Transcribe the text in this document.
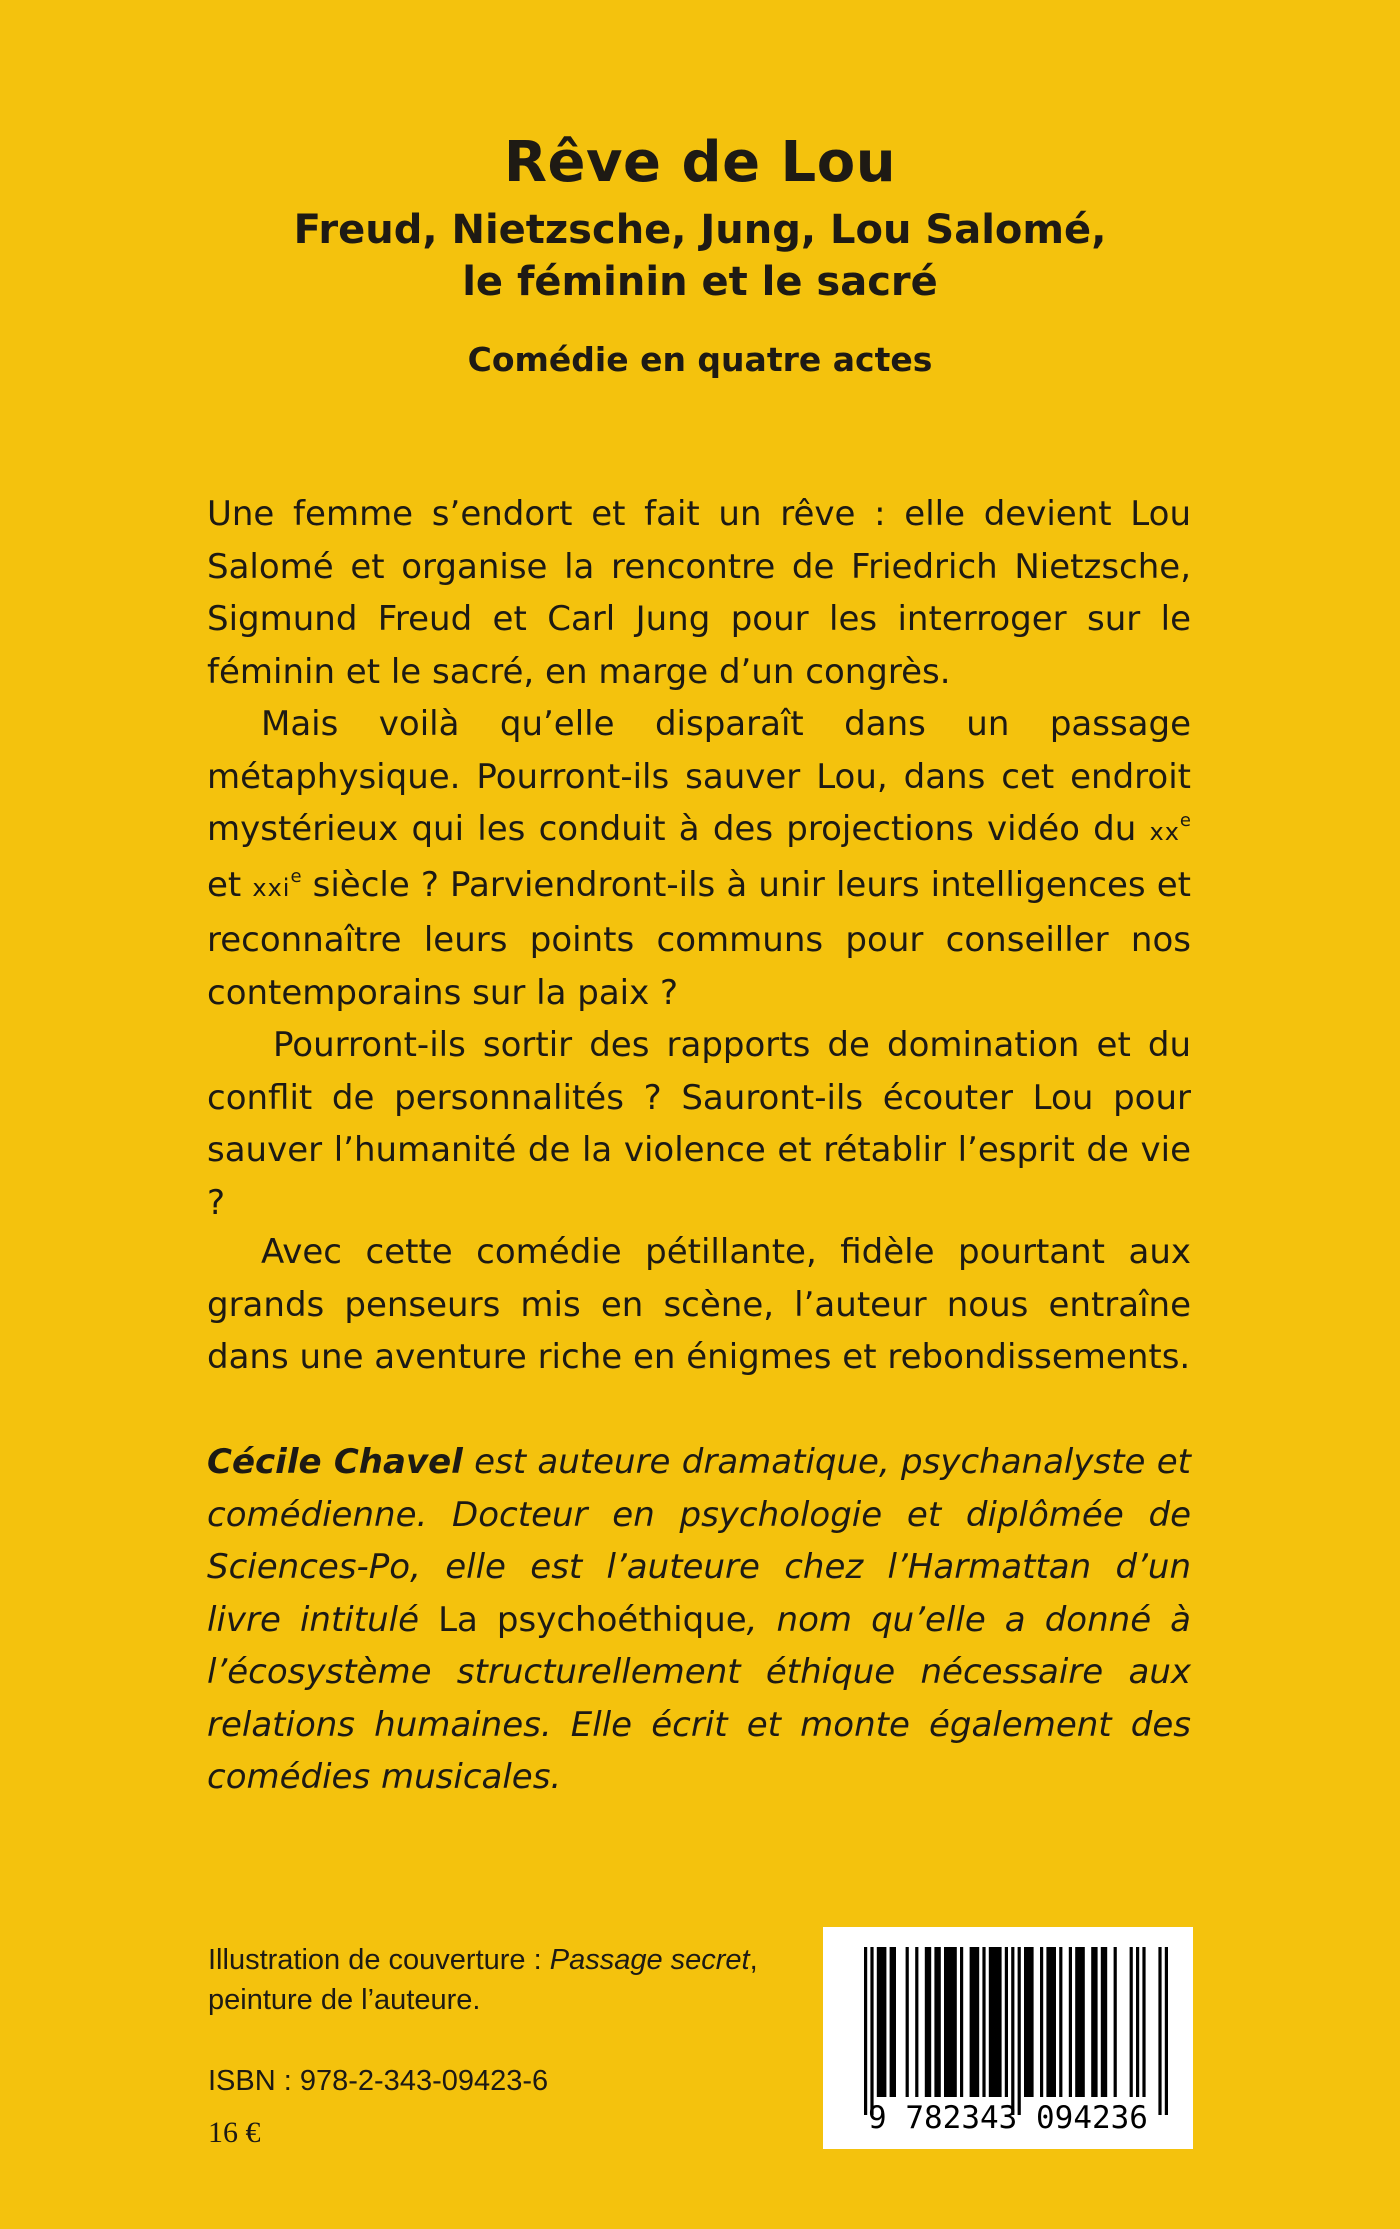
Rêve de Lou
Freud, Nietzsche, Jung, Lou Salomé,
le féminin et le sacré
Comédie en quatre actes

Une femme s’endort et fait un rêve : elle devient Lou Salomé et organise la rencontre de Friedrich Nietzsche, Sigmund Freud et Carl Jung pour les interroger sur le féminin et le sacré, en marge d’un congrès.

Mais voilà qu’elle disparaît dans un passage métaphysique. Pourront-ils sauver Lou, dans cet endroit mystérieux qui les conduit à des projections vidéo du $xx^e$ et xxi$^e$ siècle ? Parviendront-ils à unir leurs intelligences et reconnaître leurs points communs pour conseiller nos contemporains sur la paix ?

Pourront-ils sortir des rapports de domination et du conflit de personnalités ? Sauront-ils écouter Lou pour sauver l’humanité de la violence et rétablir l’esprit de vie ?

Avec cette comédie pétillante, fidèle pourtant aux grands penseurs mis en scène, l’auteur nous entraîne dans une aventure riche en énigmes et rebondissements.

Cécile Chavel est auteure dramatique, psychanalyste et comédienne. Docteur en psychologie et diplômée de Sciences-Po, elle est l’auteure chez l’Harmattan d’un livre intitulé La psychoéthique, nom qu’elle a donné à l’écosystème structurellement éthique nécessaire aux relations humaines. Elle écrit et monte également des comédies musicales.

Illustration de couverture : Passage secret,
peinture de l’auteure.
ISBN : 978-2-343-09423-6
16 €	9 782343 094236
